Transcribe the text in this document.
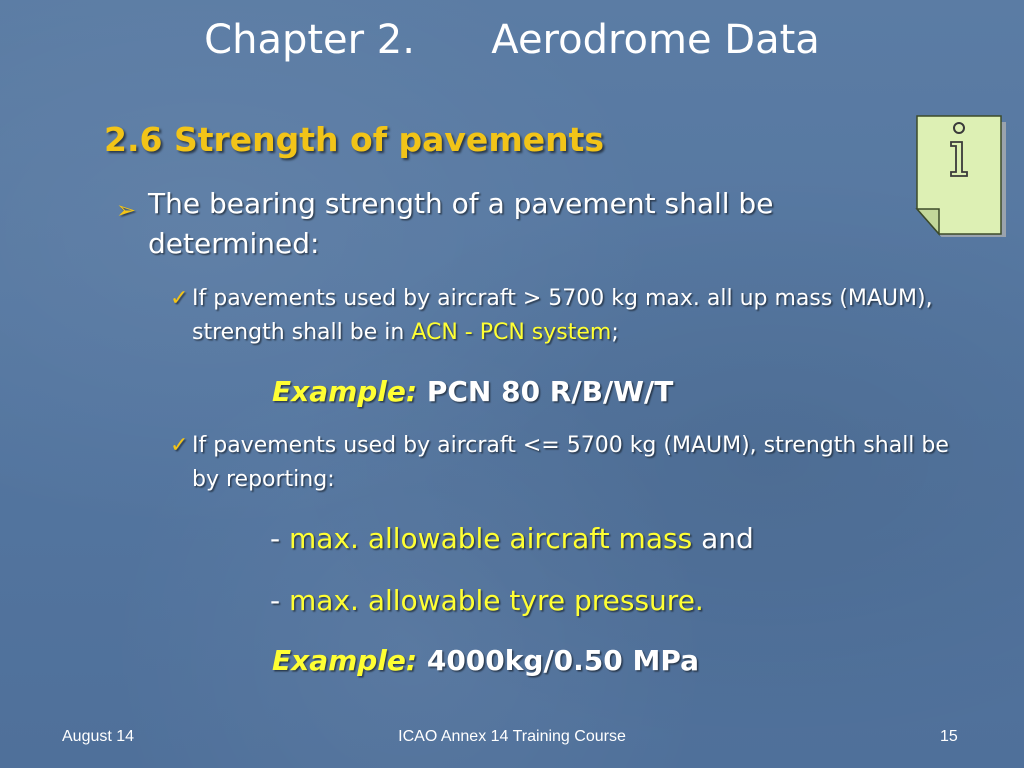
Chapter 2. Aerodrome Data
2.6 Strength of pavements
➢ The bearing strength of a pavement shall be determined:
✓ If pavements used by aircraft > 5700 kg max. all up mass (MAUM), strength shall be in ACN - PCN system;
Example: PCN 80 R/B/W/T
✓ If pavements used by aircraft <= 5700 kg (MAUM), strength shall be by reporting:
- max. allowable aircraft mass and
- max. allowable tyre pressure.
Example: 4000kg/0.50 MPa
August 14	ICAO Annex 14 Training Course	15
